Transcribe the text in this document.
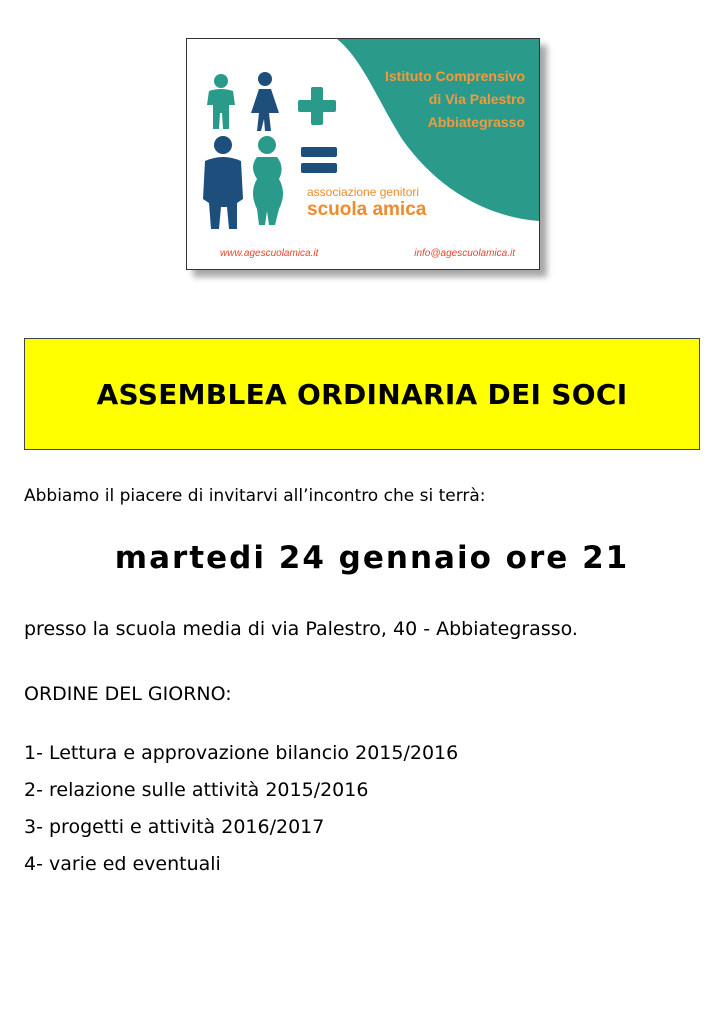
Istituto Comprensivo
di Via Palestro
Abbiategrasso
associazione genitori
scuola amica
www.agescuolamica.it	info@agescuolamica.it
ASSEMBLEA ORDINARIA DEI SOCI
Abbiamo il piacere di invitarvi all’incontro che si terrà:
martedi 24 gennaio ore 21
presso la scuola media di via Palestro, 40 - Abbiategrasso.
ORDINE DEL GIORNO:
1- Lettura e approvazione bilancio 2015/2016
2- relazione sulle attività 2015/2016
3- progetti e attività 2016/2017
4- varie ed eventuali
